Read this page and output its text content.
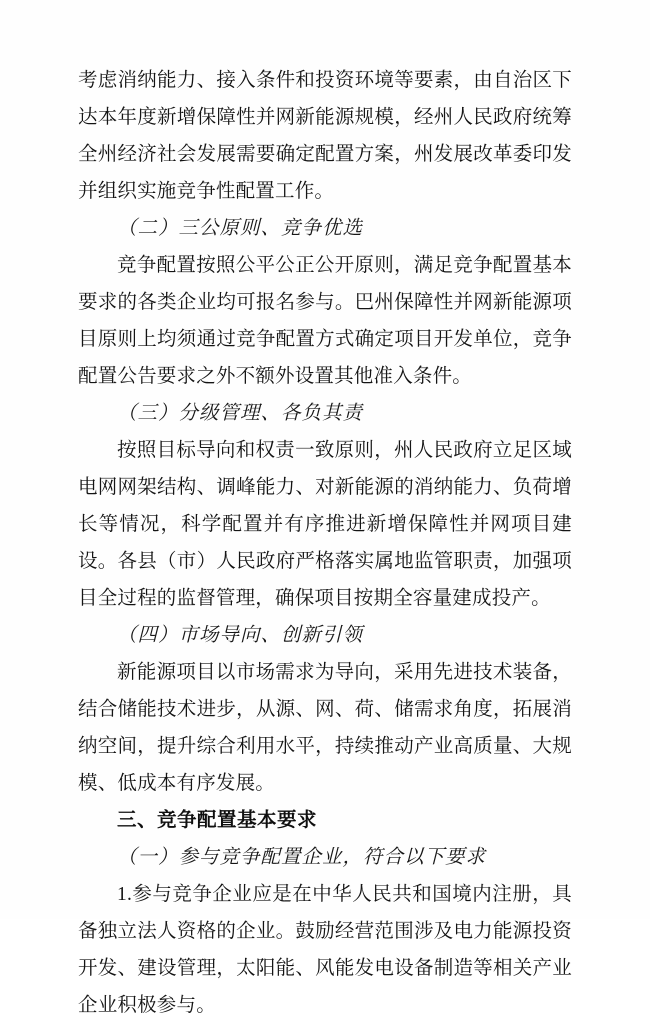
考虑消纳能力、接入条件和投资环境等要素，由自治区下达本年度新增保障性并网新能源规模，经州人民政府统筹全州经济社会发展需要确定配置方案，州发展改革委印发并组织实施竞争性配置工作。

（二）三公原则、竞争优选

竞争配置按照公平公正公开原则，满足竞争配置基本要求的各类企业均可报名参与。巴州保障性并网新能源项目原则上均须通过竞争配置方式确定项目开发单位，竞争配置公告要求之外不额外设置其他准入条件。

（三）分级管理、各负其责

按照目标导向和权责一致原则，州人民政府立足区域电网网架结构、调峰能力、对新能源的消纳能力、负荷增长等情况，科学配置并有序推进新增保障性并网项目建设。各县（市）人民政府严格落实属地监管职责，加强项目全过程的监督管理，确保项目按期全容量建成投产。

（四）市场导向、创新引领

新能源项目以市场需求为导向，采用先进技术装备，结合储能技术进步，从源、网、荷、储需求角度，拓展消纳空间，提升综合利用水平，持续推动产业高质量、大规模、低成本有序发展。

三、竞争配置基本要求

（一）参与竞争配置企业，符合以下要求

1.参与竞争企业应是在中华人民共和国境内注册，具备独立法人资格的企业。鼓励经营范围涉及电力能源投资开发、建设管理，太阳能、风能发电设备制造等相关产业企业积极参与。
